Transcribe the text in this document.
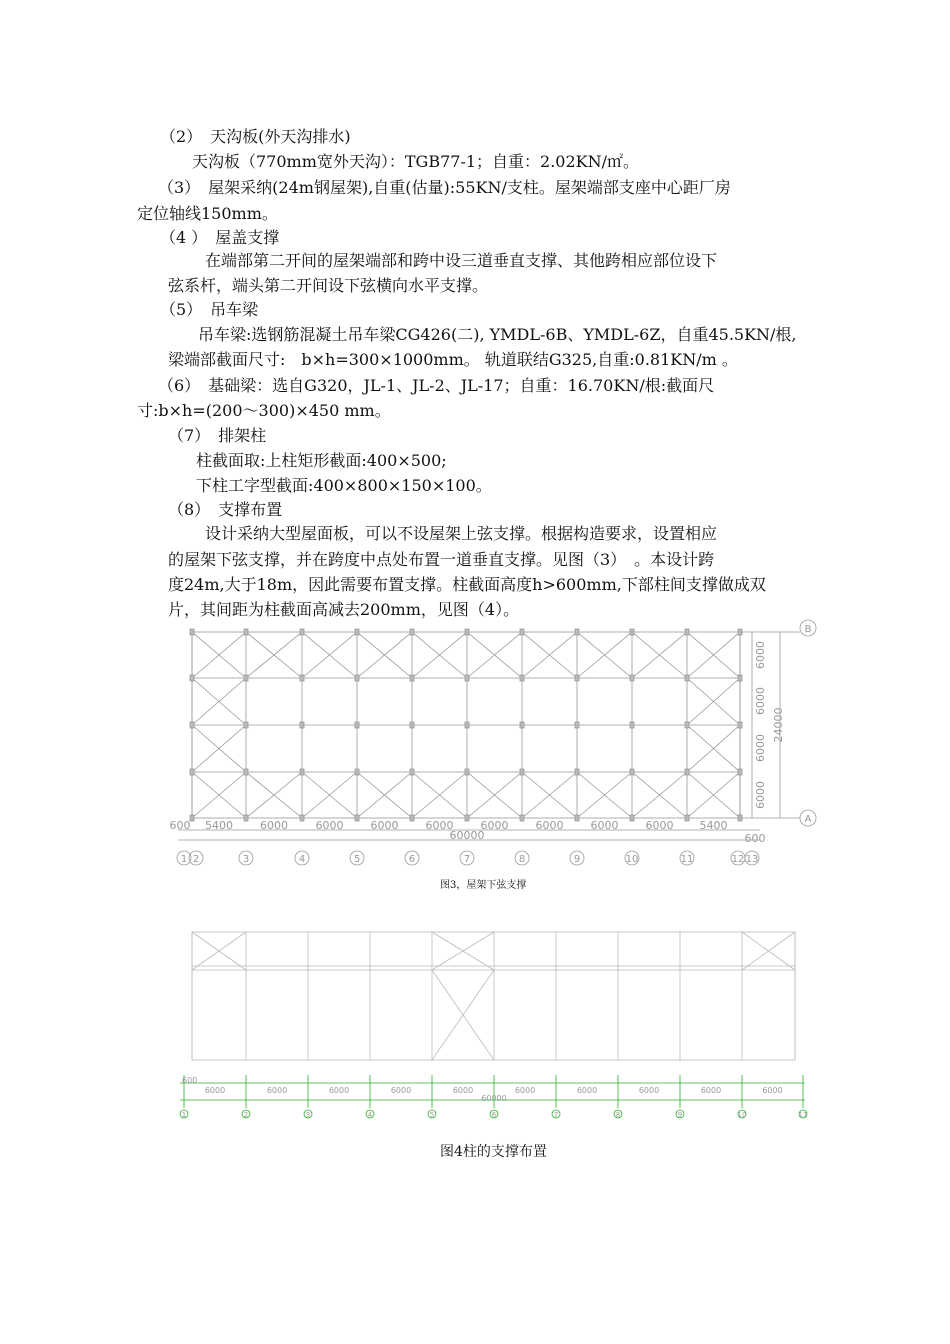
（2）　天沟板(外天沟排水)
天沟板（770mm宽外天沟）：TGB77-1；自重：2.02KN/㎡。
（3）　屋架采纳(24m钢屋架),自重(估量):55KN/支柱。屋架端部支座中心距厂房
定位轴线150mm。
（4 ）　屋盖支撑
在端部第二开间的屋架端部和跨中设三道垂直支撑、其他跨相应部位设下
弦系杆，端头第二开间设下弦横向水平支撑。
（5）　吊车梁
吊车梁:选钢筋混凝土吊车梁CG426(二), YMDL-6B、YMDL-6Z，自重45.5KN/根,
梁端部截面尺寸:　b×h=300×1000mm。 轨道联结G325,自重:0.81KN/m 。
（6）　基础梁：选自G320，JL-1、JL-2、JL-17；自重：16.70KN/根:截面尺
寸:b×h=(200～300)×450 mm。
（7）　排架柱
柱截面取:上柱矩形截面:400×500;
下柱工字型截面:400×800×150×100。
（8）　支撑布置
设计采纳大型屋面板，可以不设屋架上弦支撑。根据构造要求，设置相应
的屋架下弦支撑，并在跨度中点处布置一道垂直支撑。见图（3）　。本设计跨
度24m,大于18m，因此需要布置支撑。柱截面高度h>600mm,下部柱间支撑做成双
片，其间距为柱截面高减去200mm，见图（4）。
B
A
6000
6000
6000
6000
24000
600 5400 6000	6000 6000 6000 6000 6000 6000 6000 5400
60000	600
1 2	3	4	5	6	7	8	9	10	11	12 13
图3，屋架下弦支撑
600
6000	6000	6000	6000	6000	6000	6000	6000	6000	6000
60000
1	2	3	4	5	6	7	8	9	10	11
图4柱的支撑布置
